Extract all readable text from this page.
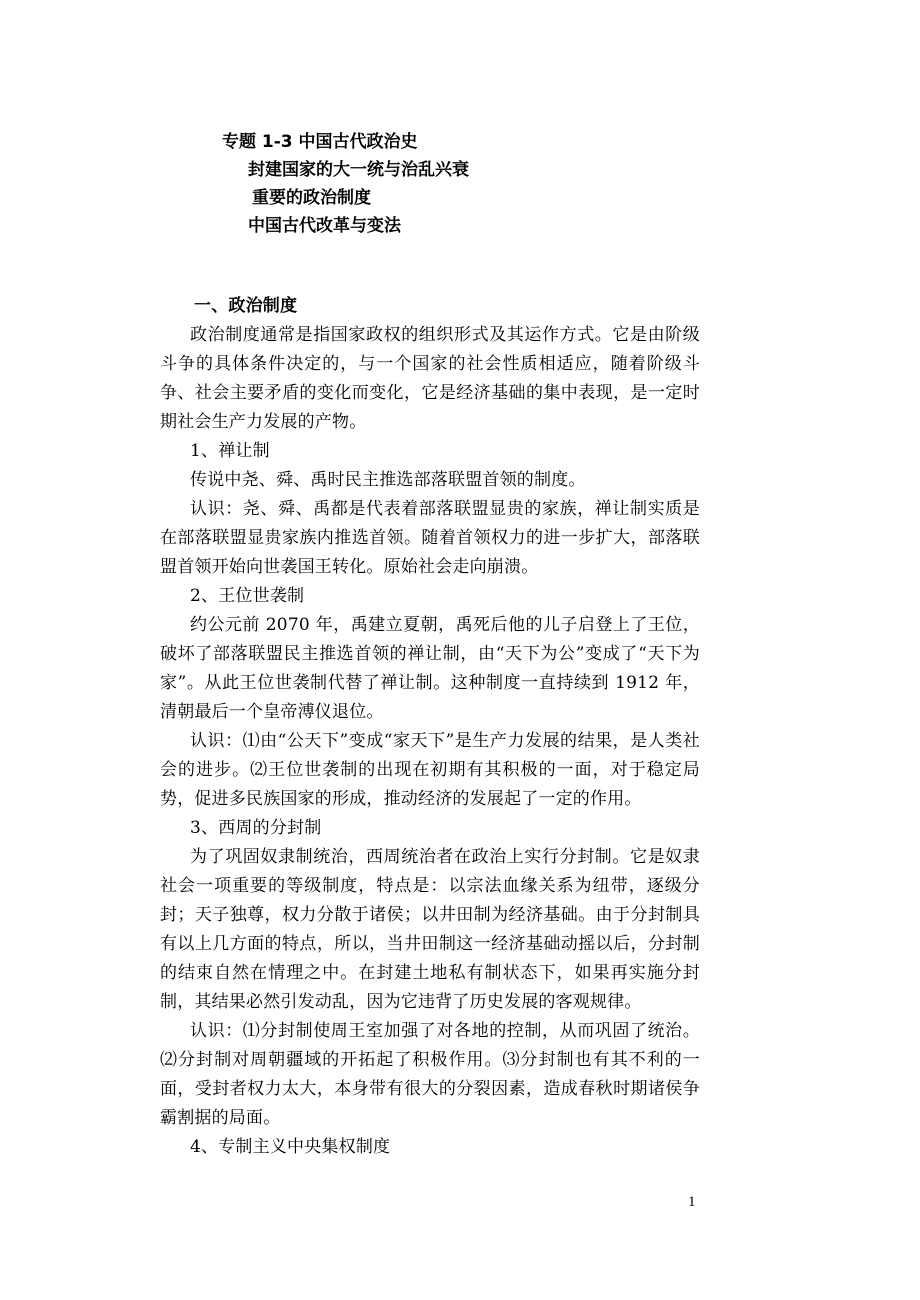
专题 1-3 中国古代政治史
封建国家的大一统与治乱兴衰
重要的政治制度
中国古代改革与变法

一、政治制度

政治制度通常是指国家政权的组织形式及其运作方式。它是由阶级斗争的具体条件决定的，与一个国家的社会性质相适应，随着阶级斗争、社会主要矛盾的变化而变化，它是经济基础的集中表现，是一定时期社会生产力发展的产物。

1、禅让制

传说中尧、舜、禹时民主推选部落联盟首领的制度。

认识：尧、舜、禹都是代表着部落联盟显贵的家族，禅让制实质是在部落联盟显贵家族内推选首领。随着首领权力的进一步扩大，部落联盟首领开始向世袭国王转化。原始社会走向崩溃。

2、王位世袭制

约公元前 2070 年，禹建立夏朝，禹死后他的儿子启登上了王位，破坏了部落联盟民主推选首领的禅让制，由“天下为公”变成了“天下为家”。从此王位世袭制代替了禅让制。这种制度一直持续到 1912 年，清朝最后一个皇帝溥仪退位。

认识：⑴由“公天下”变成“家天下”是生产力发展的结果，是人类社会的进步。⑵王位世袭制的出现在初期有其积极的一面，对于稳定局势，促进多民族国家的形成，推动经济的发展起了一定的作用。

3、西周的分封制

为了巩固奴隶制统治，西周统治者在政治上实行分封制。它是奴隶社会一项重要的等级制度，特点是：以宗法血缘关系为纽带，逐级分封；天子独尊，权力分散于诸侯；以井田制为经济基础。由于分封制具有以上几方面的特点，所以，当井田制这一经济基础动摇以后，分封制的结束自然在情理之中。在封建土地私有制状态下，如果再实施分封制，其结果必然引发动乱，因为它违背了历史发展的客观规律。

认识：⑴分封制使周王室加强了对各地的控制，从而巩固了统治。⑵分封制对周朝疆域的开拓起了积极作用。⑶分封制也有其不利的一面，受封者权力太大，本身带有很大的分裂因素，造成春秋时期诸侯争霸割据的局面。

4、专制主义中央集权制度

1
